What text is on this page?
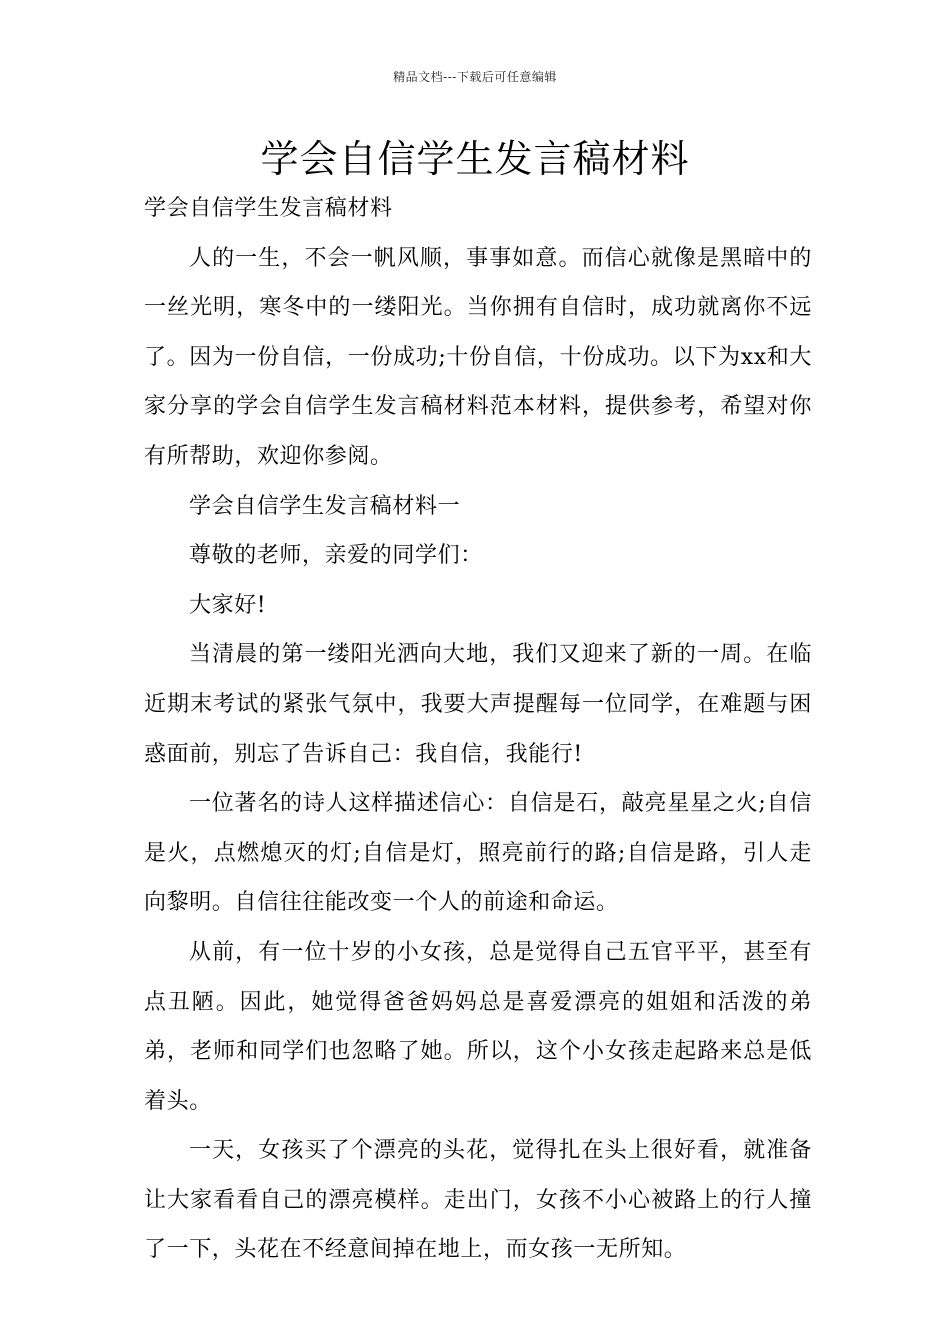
精品文档---下载后可任意编辑
学会自信学生发言稿材料

学会自信学生发言稿材料

人的一生，不会一帆风顺，事事如意。而信心就像是黑暗中的一丝光明，寒冬中的一缕阳光。当你拥有自信时，成功就离你不远了。因为一份自信，一份成功;十份自信，十份成功。以下为xx和大家分享的学会自信学生发言稿材料范本材料，提供参考，希望对你有所帮助，欢迎你参阅。

学会自信学生发言稿材料一

尊敬的老师，亲爱的同学们：

大家好!

当清晨的第一缕阳光洒向大地，我们又迎来了新的一周。在临近期末考试的紧张气氛中，我要大声提醒每一位同学，在难题与困惑面前，别忘了告诉自己：我自信，我能行!

一位著名的诗人这样描述信心：自信是石，敲亮星星之火;自信是火，点燃熄灭的灯;自信是灯，照亮前行的路;自信是路，引人走向黎明。自信往往能改变一个人的前途和命运。

从前，有一位十岁的小女孩，总是觉得自己五官平平，甚至有点丑陋。因此，她觉得爸爸妈妈总是喜爱漂亮的姐姐和活泼的弟弟，老师和同学们也忽略了她。所以，这个小女孩走起路来总是低着头。

一天，女孩买了个漂亮的头花，觉得扎在头上很好看，就准备让大家看看自己的漂亮模样。走出门，女孩不小心被路上的行人撞了一下，头花在不经意间掉在地上，而女孩一无所知。
